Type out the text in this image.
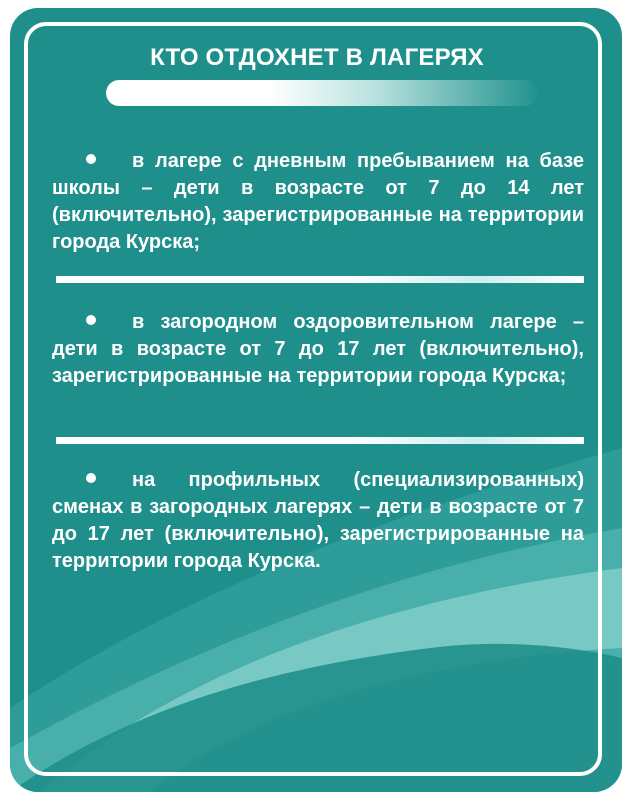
КТО ОТДОХНЕТ В ЛАГЕРЯХ
в лагере с дневным пребыванием на базе школы – дети в возрасте от 7 до 14 лет (включительно), зарегистрированные на территории города Курска;
в загородном оздоровительном лагере – дети в возрасте от 7 до 17 лет (включительно), зарегистрированные на территории города Курска;
на профильных (специализированных) сменах в загородных лагерях – дети в возрасте от 7 до 17 лет (включительно), зарегистрированные на территории города Курска.
